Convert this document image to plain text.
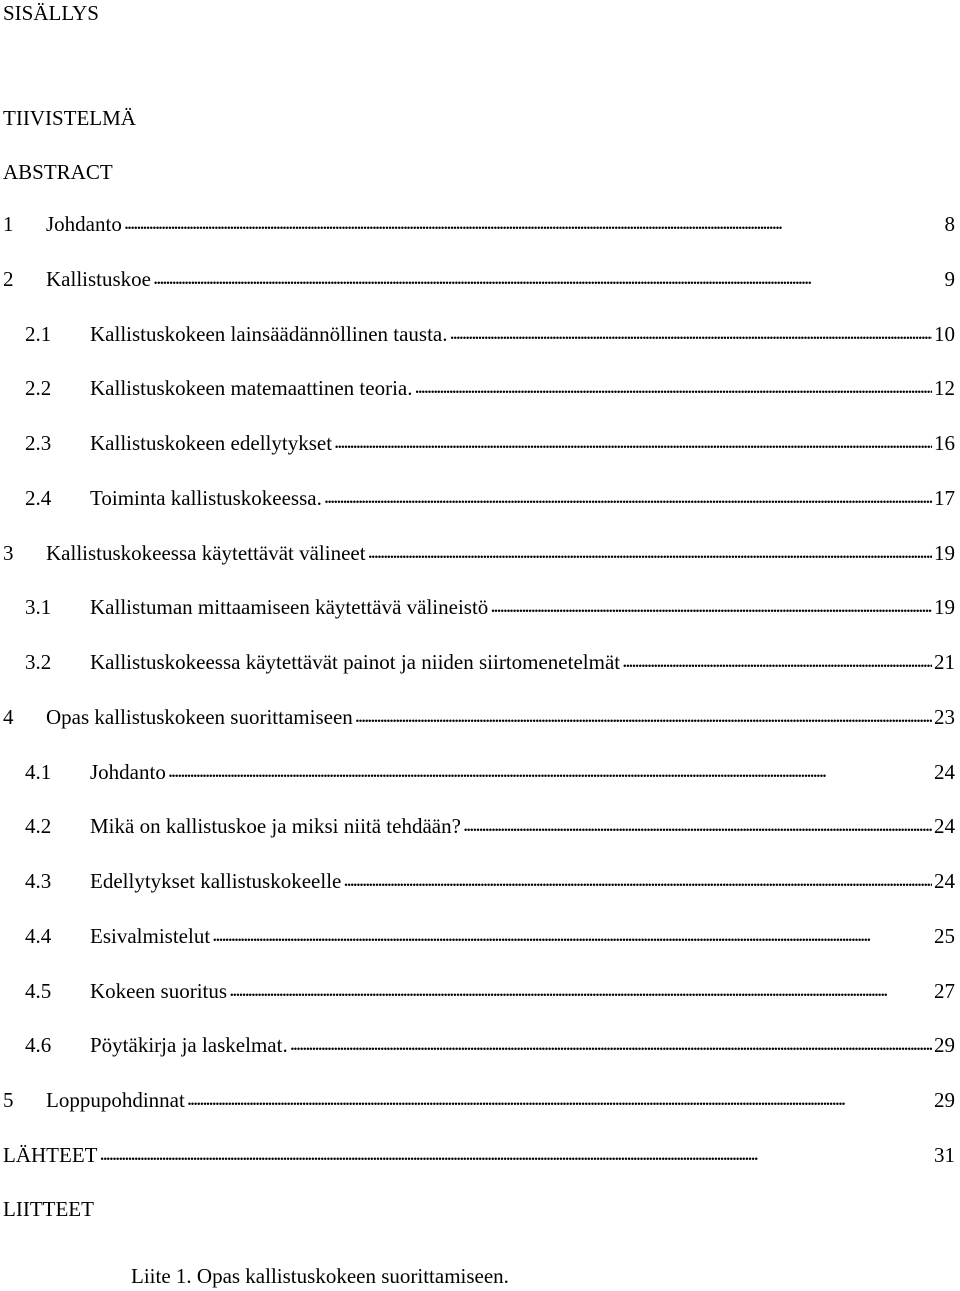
SISÄLLYS
TIIVISTELMÄ
ABSTRACT
1	Johdanto . . .	8
2	Kallistuskoe . . .	9
2.1	Kallistuskokeen lainsäädännöllinen tausta. . . .	10
2.2	Kallistuskokeen matemaattinen teoria. . . .	12
2.3	Kallistuskokeen edellytykset . . .	16
2.4	Toiminta kallistuskokeessa. . . .	17
3	Kallistuskokeessa käytettävät välineet . . .	19
3.1	Kallistuman mittaamiseen käytettävä välineistö . . .	19
3.2	Kallistuskokeessa käytettävät painot ja niiden siirtomenetelmät . . .	21
4	Opas kallistuskokeen suorittamiseen . . .	23
4.1	Johdanto . . .	24
4.2	Mikä on kallistuskoe ja miksi niitä tehdään? . . .	24
4.3	Edellytykset kallistuskokeelle . . .	24
4.4	Esivalmistelut . . .	25
4.5	Kokeen suoritus . . .	27
4.6	Pöytäkirja ja laskelmat. . . .	29
5	Loppupohdinnat . . .	29
LÄHTEET . . .	31
LIITTEET
Liite 1. Opas kallistuskokeen suorittamiseen.
